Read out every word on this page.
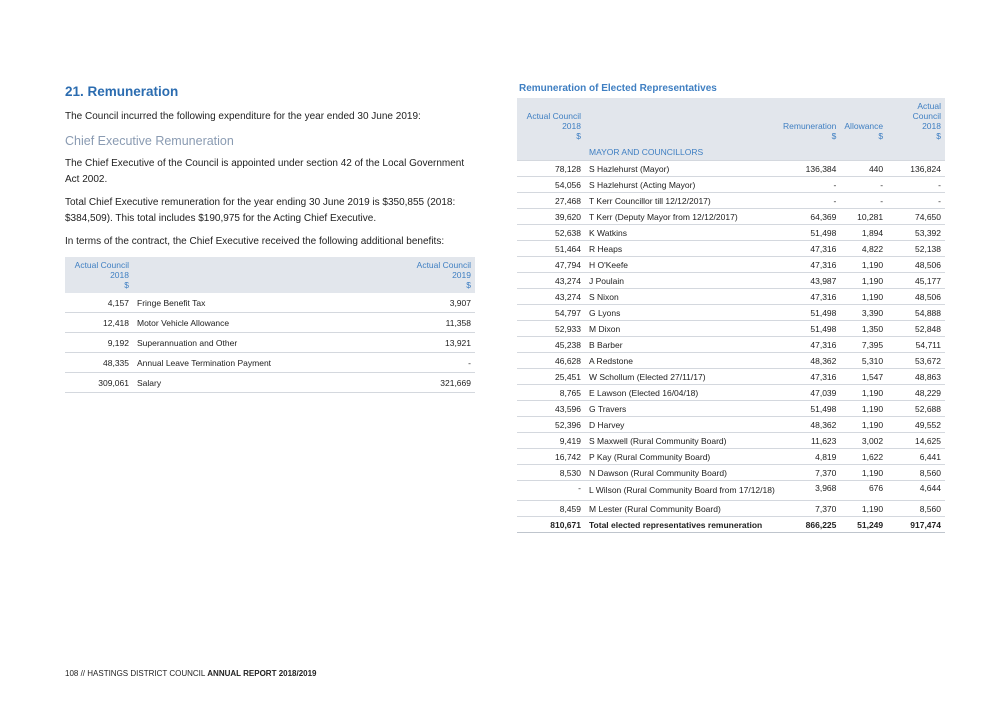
21. Remuneration

The Council incurred the following expenditure for the year ended 30 June 2019:

Chief Executive Remuneration

The Chief Executive of the Council is appointed under section 42 of the Local Government Act 2002.

Total Chief Executive remuneration for the year ending 30 June 2019 is $350,855 (2018: $384,509). This total includes $190,975 for the Acting Chief Executive.

In terms of the contract, the Chief Executive received the following additional benefits:

Actual Council
2018
$		Actual Council
2019
$
4,157	Fringe Benefit Tax	3,907
12,418	Motor Vehicle Allowance	11,358
9,192	Superannuation and Other	13,921
48,335	Annual Leave Termination Payment	-
309,061	Salary	321,669
Remuneration of Elected Representatives
Actual Council
2018
$		Remuneration
$	Allowance
$	Actual Council
2018
$
	MAYOR AND COUNCILLORS			
78,128	S Hazlehurst (Mayor)	136,384	440	136,824
54,056	S Hazlehurst (Acting Mayor)	-	-	-
27,468	T Kerr Councillor till 12/12/2017)	-	-	-
39,620	T Kerr (Deputy Mayor from 12/12/2017)	64,369	10,281	74,650
52,638	K Watkins	51,498	1,894	53,392
51,464	R Heaps	47,316	4,822	52,138
47,794	H O'Keefe	47,316	1,190	48,506
43,274	J Poulain	43,987	1,190	45,177
43,274	S Nixon	47,316	1,190	48,506
54,797	G Lyons	51,498	3,390	54,888
52,933	M Dixon	51,498	1,350	52,848
45,238	B Barber	47,316	7,395	54,711
46,628	A Redstone	48,362	5,310	53,672
25,451	W Schollum (Elected 27/11/17)	47,316	1,547	48,863
8,765	E Lawson (Elected 16/04/18)	47,039	1,190	48,229
43,596	G Travers	51,498	1,190	52,688
52,396	D Harvey	48,362	1,190	49,552
9,419	S Maxwell (Rural Community Board)	11,623	3,002	14,625
16,742	P Kay (Rural Community Board)	4,819	1,622	6,441
8,530	N Dawson (Rural Community Board)	7,370	1,190	8,560
-	L Wilson (Rural Community Board from 17/12/18)	3,968	676	4,644
8,459	M Lester (Rural Community Board)	7,370	1,190	8,560
810,671	Total elected representatives remuneration	866,225	51,249	917,474
108 // HASTINGS DISTRICT COUNCIL ANNUAL REPORT 2018/2019
